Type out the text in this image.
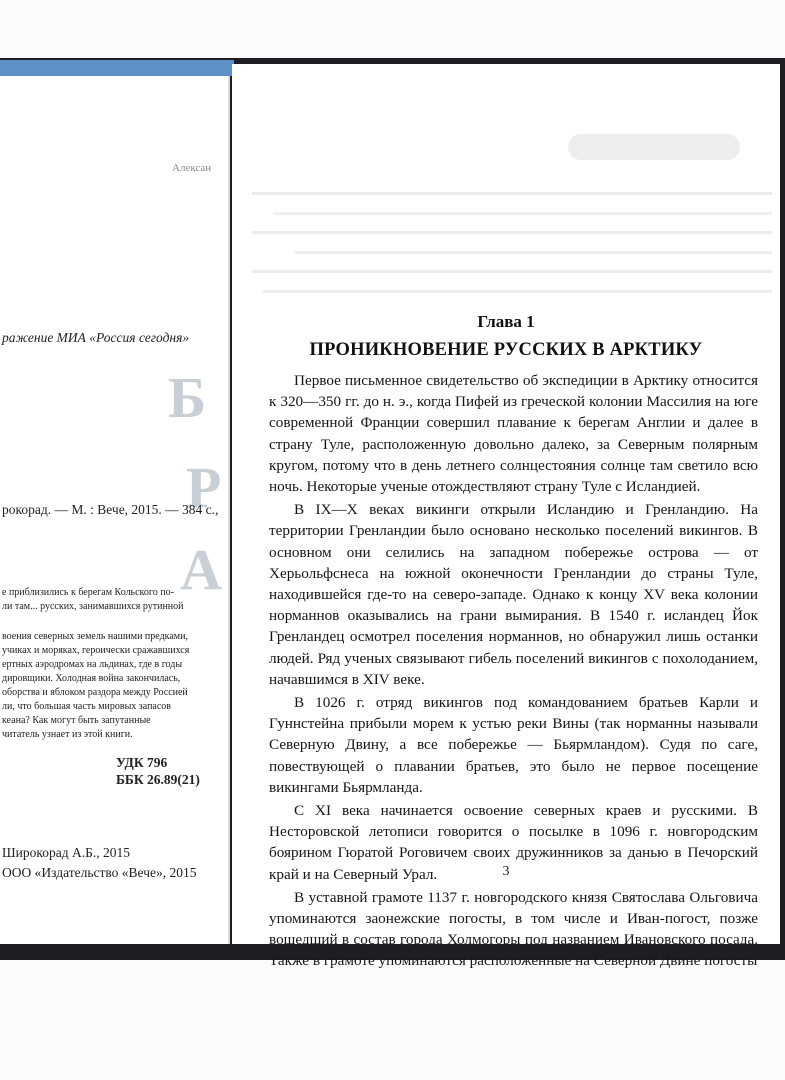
Б
Р
А
Алексан
ражение МИА «Россия сегодня»
рокорад. — М. : Вече, 2015. — 384 с.,
е приблизились к берегам Кольского по-
ли там... русских, занимавшихся рутинной
воения северных земель нашими предками,
учиках и моряках, героически сражавшихся
ертных аэродромах на льдинах, где в годы
дировщики. Холодная война закончилась,
оборства и яблоком раздора между Россией
ли, что большая часть мировых запасов
кеана? Как могут быть запутанные
читатель узнает из этой книги.
УДК 796
ББК 26.89(21)
Широкорад А.Б., 2015
ООО «Издательство «Вече», 2015
Глава 1
ПРОНИКНОВЕНИЕ РУССКИХ В АРКТИКУ

Первое письменное свидетельство об экспедиции в Арктику относится к 320—350 гг. до н. э., когда Пифей из греческой колонии Массилия на юге современной Франции совершил плавание к берегам Англии и далее в страну Туле, расположенную довольно далеко, за Северным полярным кругом, потому что в день летнего солнцестояния солнце там светило всю ночь. Некоторые ученые отождествляют страну Туле с Исландией.

В IX—X веках викинги открыли Исландию и Гренландию. На территории Гренландии было основано несколько поселений викингов. В основном они селились на западном побережье острова — от Херьольфснеса на южной оконечности Гренландии до страны Туле, находившейся где-то на северо-западе. Однако к концу XV века колонии норманнов оказывались на грани вымирания. В 1540 г. исландец Йок Гренландец осмотрел поселения норманнов, но обнаружил лишь останки людей. Ряд ученых связывают гибель поселений викингов с похолоданием, начавшимся в XIV веке.

В 1026 г. отряд викингов под командованием братьев Карли и Гуннстейна прибыли морем к устью реки Вины (так норманны называли Северную Двину, а все побережье — Бьярмландом). Судя по саге, повествующей о плавании братьев, это было не первое посещение викингами Бьярмланда.

С XI века начинается освоение северных краев и русскими. В Несторовской летописи говорится о посылке в 1096 г. новгородским боярином Гюратой Роговичем своих дружинников за данью в Печорский край и на Северный Урал.

В уставной грамоте 1137 г. новгородского князя Святослава Ольговича упоминаются заонежские погосты, в том числе и Иван-погост, позже вошедший в состав города Холмогоры под названием Ивановского посада. Также в грамоте упоминаются расположенные на Северной Двине погосты

3
